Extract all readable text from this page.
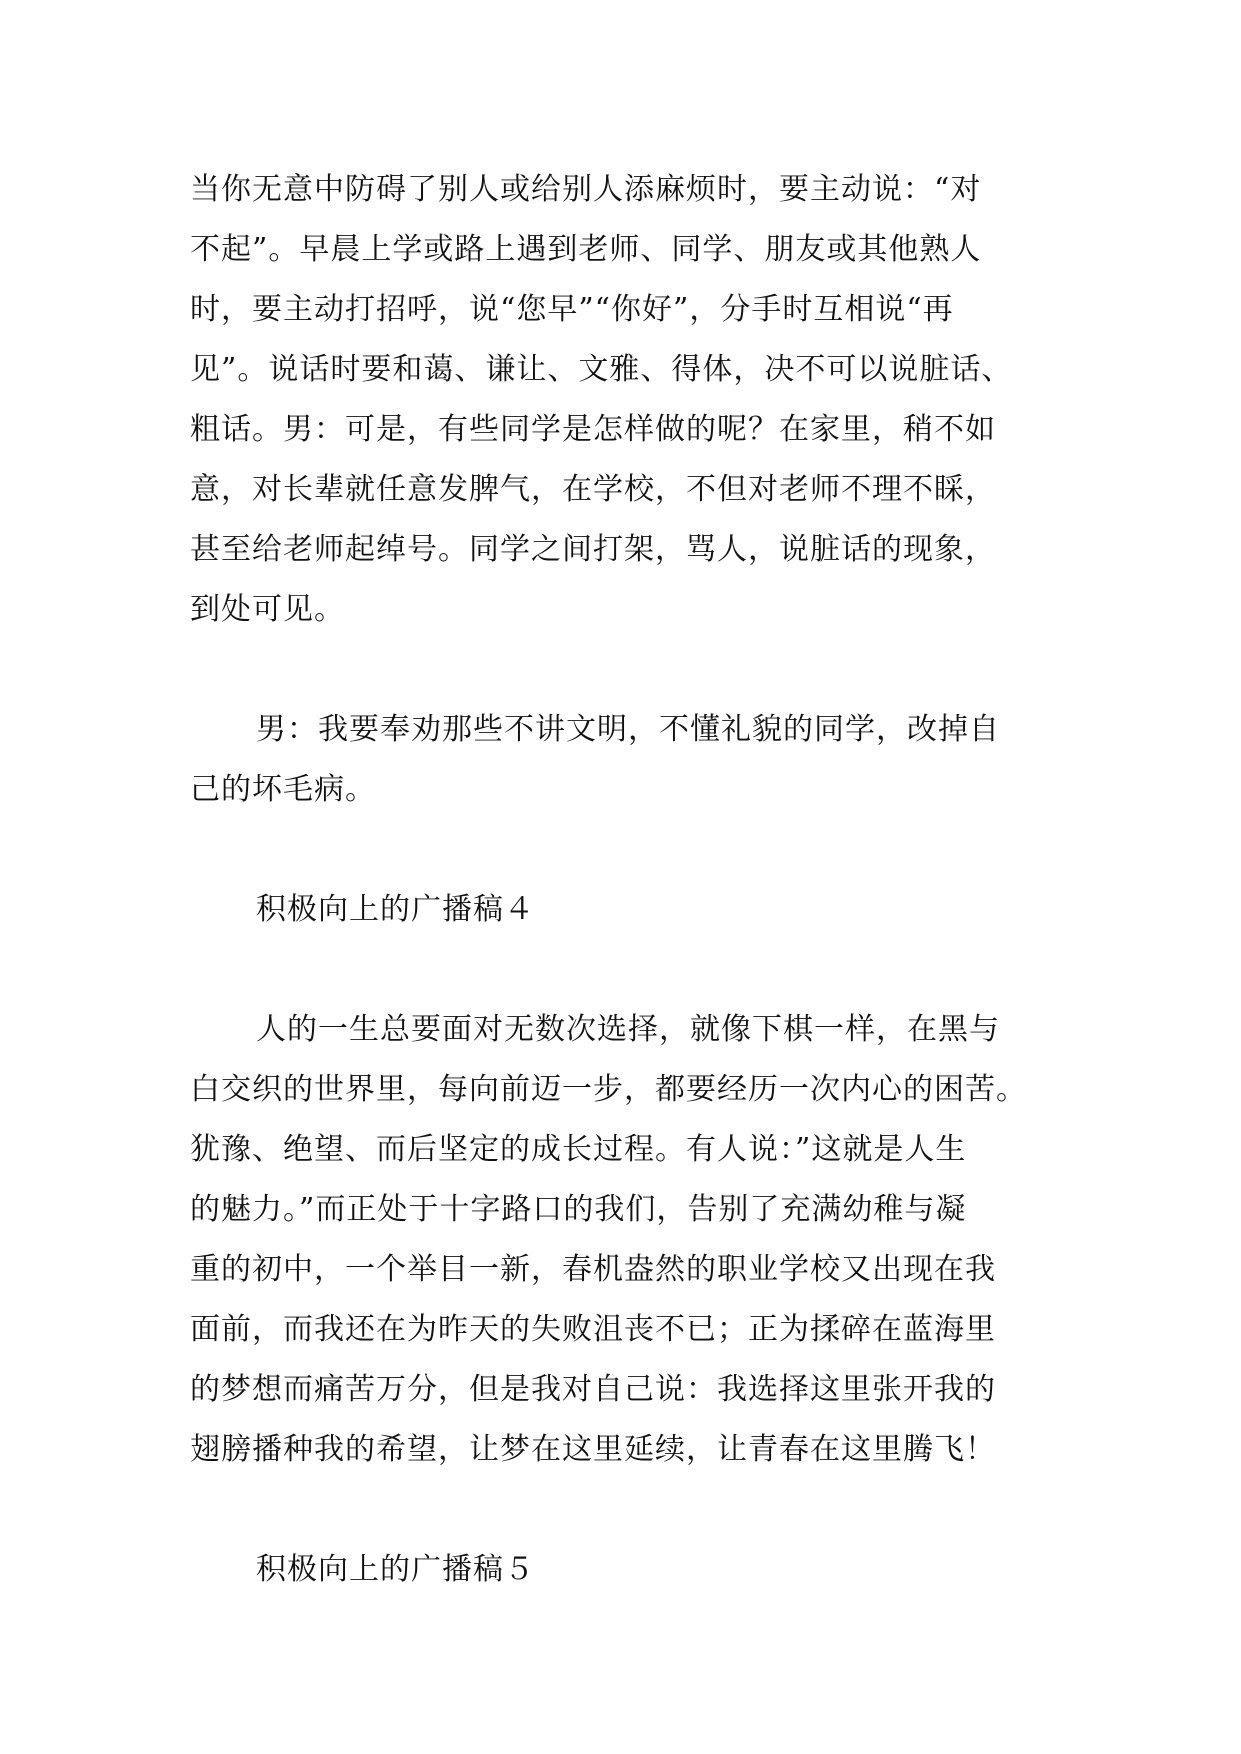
当你无意中防碍了别人或给别人添麻烦时，要主动说：“对

不起”。早晨上学或路上遇到老师、同学、朋友或其他熟人

时，要主动打招呼，说“您早”“你好”，分手时互相说“再

见”。说话时要和蔼、谦让、文雅、得体，决不可以说脏话、

粗话。男：可是，有些同学是怎样做的呢？在家里，稍不如

意，对长辈就任意发脾气，在学校，不但对老师不理不睬，

甚至给老师起绰号。同学之间打架，骂人，说脏话的现象，

到处可见。

男：我要奉劝那些不讲文明，不懂礼貌的同学，改掉自

己的坏毛病。

积极向上的广播稿４

人的一生总要面对无数次选择，就像下棋一样，在黑与

白交织的世界里，每向前迈一步，都要经历一次内心的困苦。

犹豫、绝望、而后坚定的成长过程。有人说：”这就是人生

的魅力。”而正处于十字路口的我们，告别了充满幼稚与凝

重的初中，一个举目一新，春机盎然的职业学校又出现在我

面前，而我还在为昨天的失败沮丧不已；正为揉碎在蓝海里

的梦想而痛苦万分，但是我对自己说：我选择这里张开我的

翅膀播种我的希望，让梦在这里延续，让青春在这里腾飞！

积极向上的广播稿５
